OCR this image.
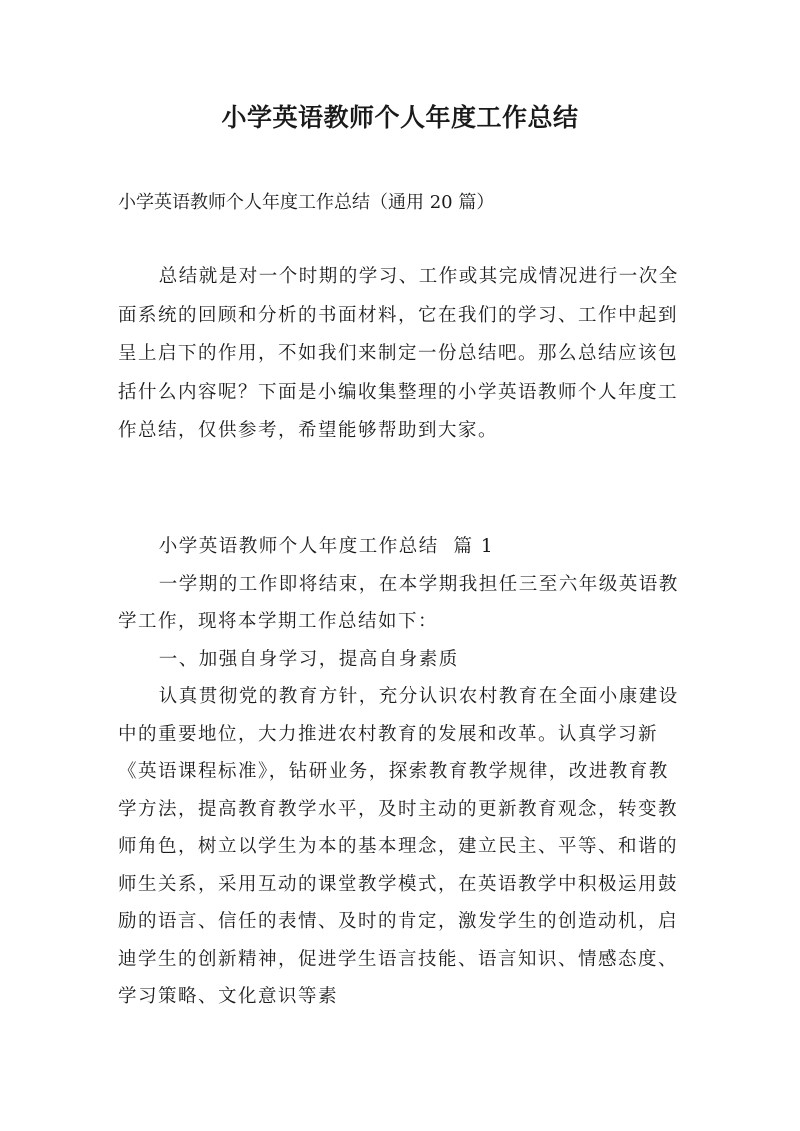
小学英语教师个人年度工作总结

小学英语教师个人年度工作总结（通用 20 篇）

总结就是对一个时期的学习、工作或其完成情况进行一次全面系统的回顾和分析的书面材料，它在我们的学习、工作中起到呈上启下的作用，不如我们来制定一份总结吧。那么总结应该包括什么内容呢？下面是小编收集整理的小学英语教师个人年度工作总结，仅供参考，希望能够帮助到大家。

小学英语教师个人年度工作总结  篇 1

一学期的工作即将结束，在本学期我担任三至六年级英语教学工作，现将本学期工作总结如下：

一、加强自身学习，提高自身素质

认真贯彻党的教育方针，充分认识农村教育在全面小康建设中的重要地位，大力推进农村教育的发展和改革。认真学习新《英语课程标准》，钻研业务，探索教育教学规律，改进教育教学方法，提高教育教学水平，及时主动的更新教育观念，转变教师角色，树立以学生为本的基本理念，建立民主、平等、和谐的师生关系，采用互动的课堂教学模式，在英语教学中积极运用鼓励的语言、信任的表情、及时的肯定，激发学生的创造动机，启迪学生的创新精神，促进学生语言技能、语言知识、情感态度、学习策略、文化意识等素
